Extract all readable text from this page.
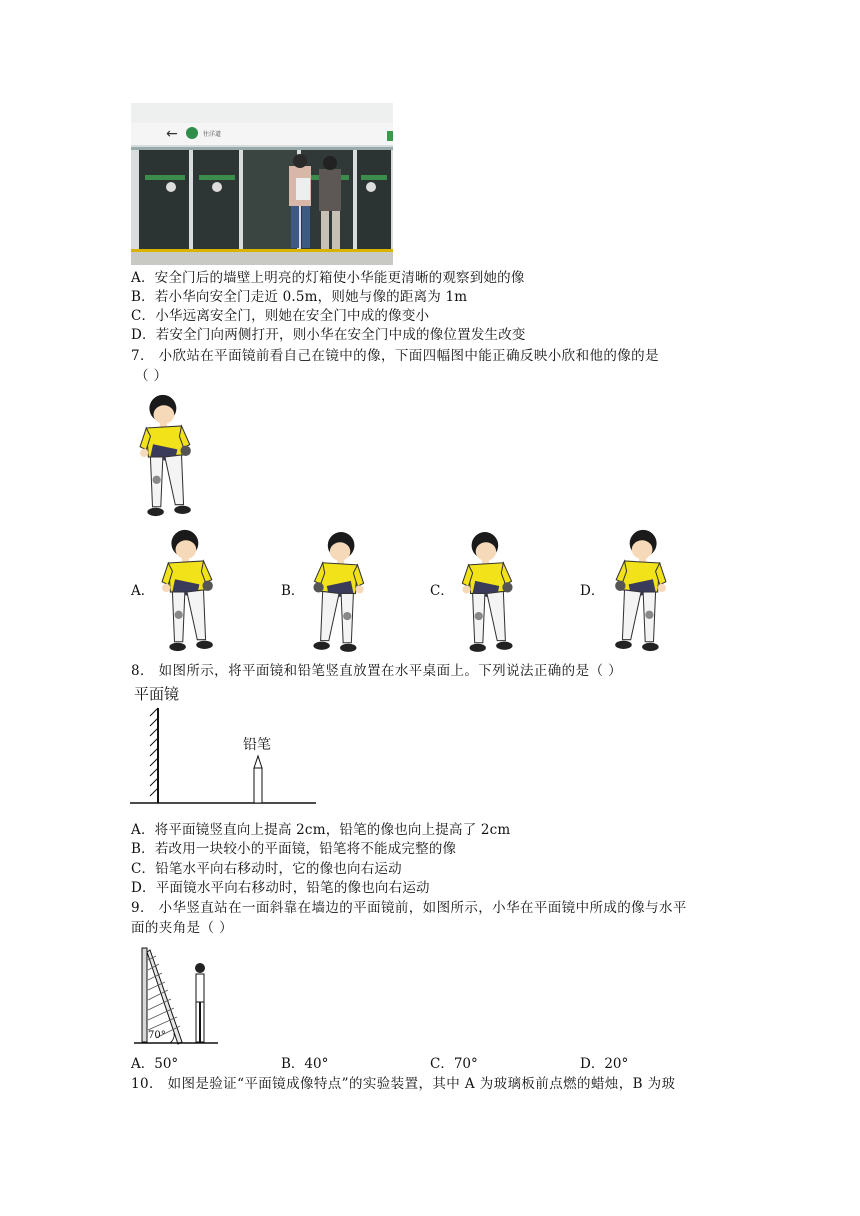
←	往洋道
A．安全门后的墙壁上明亮的灯箱使小华能更清晰的观察到她的像
B．若小华向安全门走近 0.5m，则她与像的距离为 1m
C．小华远离安全门，则她在安全门中成的像变小
D．若安全门向两侧打开，则小华在安全门中成的像位置发生改变
7． 小欣站在平面镜前看自己在镜中的像，下面四幅图中能正确反映小欣和他的像的是
（ ）
A．	B．	C．	D．
8． 如图所示，将平面镜和铅笔竖直放置在水平桌面上。下列说法正确的是（ ）
平面镜
铅笔
A．将平面镜竖直向上提高 2cm，铅笔的像也向上提高了 2cm
B．若改用一块较小的平面镜，铅笔将不能成完整的像
C．铅笔水平向右移动时，它的像也向右运动
D．平面镜水平向右移动时，铅笔的像也向右运动
9． 小华竖直站在一面斜靠在墙边的平面镜前，如图所示，小华在平面镜中所成的像与水平
面的夹角是（ ）
70°
A．50°	B．40°	C．70°	D．20°
10． 如图是验证“平面镜成像特点”的实验装置，其中 A 为玻璃板前点燃的蜡烛，B 为玻
